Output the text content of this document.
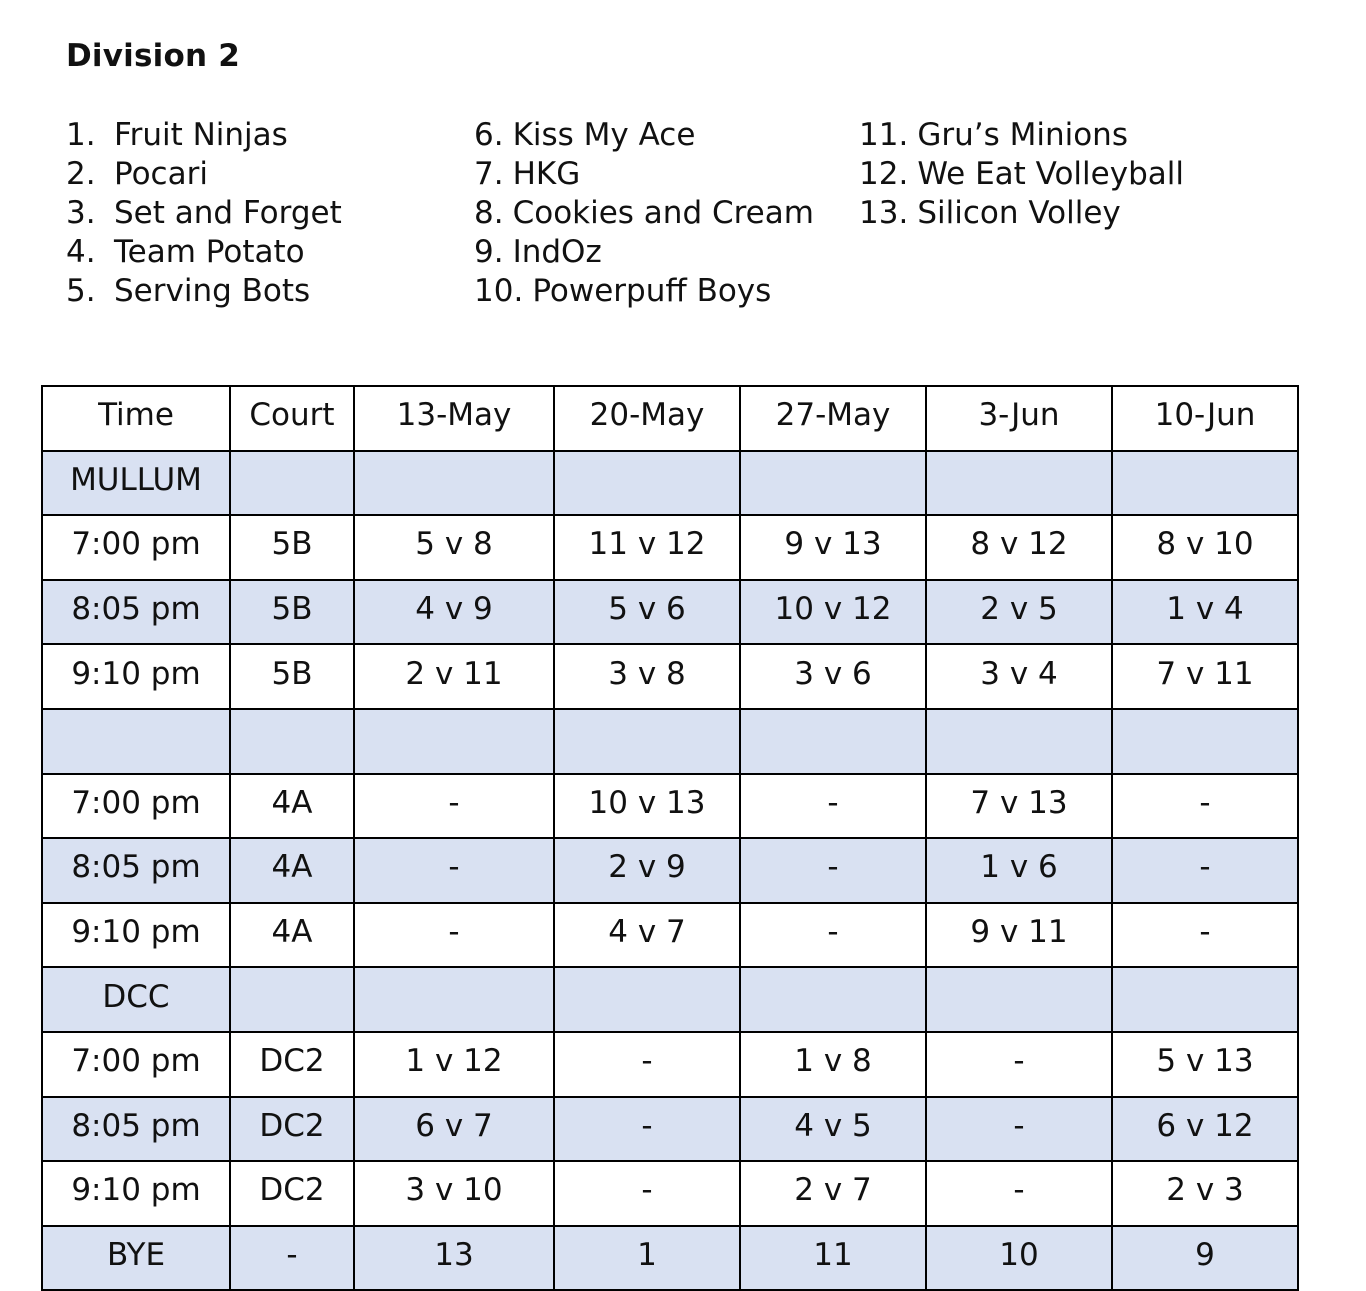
Division 2
1. Fruit Ninjas
2. Pocari
3. Set and Forget
4. Team Potato
5. Serving Bots
6. Kiss My Ace
7. HKG
8. Cookies and Cream
9. IndOz
10. Powerpuff Boys
11. Gru’s Minions
12. We Eat Volleyball
13. Silicon Volley
Time	Court	13-May	20-May	27-May	3-Jun	10-Jun
MULLUM						
7:00 pm	5B	5 v 8	11 v 12	9 v 13	8 v 12	8 v 10
8:05 pm	5B	4 v 9	5 v 6	10 v 12	2 v 5	1 v 4
9:10 pm	5B	2 v 11	3 v 8	3 v 6	3 v 4	7 v 11

7:00 pm	4A	-	10 v 13	-	7 v 13	-
8:05 pm	4A	-	2 v 9	-	1 v 6	-
9:10 pm	4A	-	4 v 7	-	9 v 11	-
DCC						
7:00 pm	DC2	1 v 12	-	1 v 8	-	5 v 13
8:05 pm	DC2	6 v 7	-	4 v 5	-	6 v 12
9:10 pm	DC2	3 v 10	-	2 v 7	-	2 v 3
BYE	-	13	1	11	10	9
